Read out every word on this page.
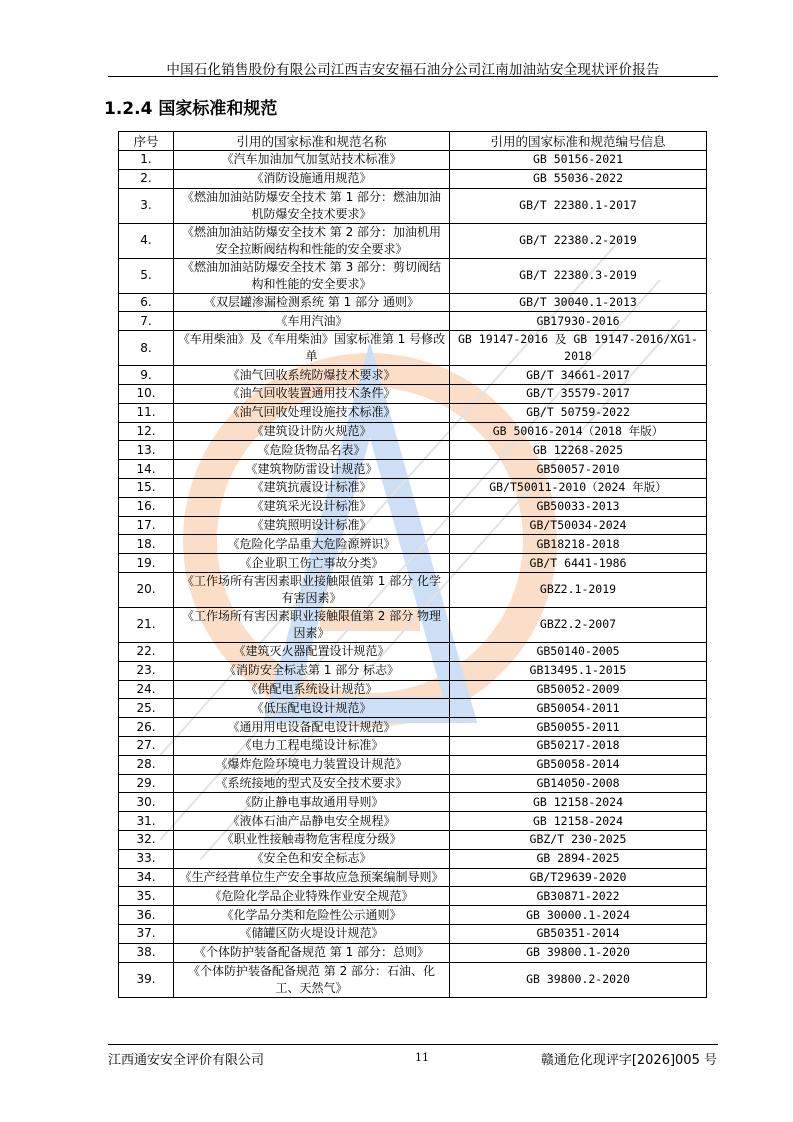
中国石化销售股份有限公司江西吉安安福石油分公司江南加油站安全现状评价报告
1.2.4 国家标准和规范
序号	引用的国家标准和规范名称	引用的国家标准和规范编号信息
1.	《汽车加油加气加氢站技术标准》	GB 50156-2021
2.	《消防设施通用规范》	GB 55036-2022
3.	《燃油加油站防爆安全技术 第 1 部分：燃油加油机防爆安全技术要求》	GB/T 22380.1-2017
4.	《燃油加油站防爆安全技术 第 2 部分：加油机用安全拉断阀结构和性能的安全要求》	GB/T 22380.2-2019
5.	《燃油加油站防爆安全技术 第 3 部分：剪切阀结构和性能的安全要求》	GB/T 22380.3-2019
6.	《双层罐渗漏检测系统 第 1 部分 通则》	GB/T 30040.1-2013
7.	《车用汽油》	GB17930-2016
8.	《车用柴油》及《车用柴油》国家标准第 1 号修改单	GB 19147-2016 及 GB 19147-2016/XG1-2018
9.	《油气回收系统防爆技术要求》	GB/T 34661-2017
10.	《油气回收装置通用技术条件》	GB/T 35579-2017
11.	《油气回收处理设施技术标准》	GB/T 50759-2022
12.	《建筑设计防火规范》	GB 50016-2014（2018 年版）
13.	《危险货物品名表》	GB 12268-2025
14.	《建筑物防雷设计规范》	GB50057-2010
15.	《建筑抗震设计标准》	GB/T50011-2010（2024 年版）
16.	《建筑采光设计标准》	GB50033-2013
17.	《建筑照明设计标准》	GB/T50034-2024
18.	《危险化学品重大危险源辨识》	GB18218-2018
19.	《企业职工伤亡事故分类》	GB/T 6441-1986
20.	《工作场所有害因素职业接触限值第 1 部分 化学有害因素》	GBZ2.1-2019
21.	《工作场所有害因素职业接触限值第 2 部分 物理因素》	GBZ2.2-2007
22.	《建筑灭火器配置设计规范》	GB50140-2005
23.	《消防安全标志第 1 部分 标志》	GB13495.1-2015
24.	《供配电系统设计规范》	GB50052-2009
25.	《低压配电设计规范》	GB50054-2011
26.	《通用用电设备配电设计规范》	GB50055-2011
27.	《电力工程电缆设计标准》	GB50217-2018
28.	《爆炸危险环境电力装置设计规范》	GB50058-2014
29.	《系统接地的型式及安全技术要求》	GB14050-2008
30.	《防止静电事故通用导则》	GB 12158-2024
31.	《液体石油产品静电安全规程》	GB 12158-2024
32.	《职业性接触毒物危害程度分级》	GBZ/T 230-2025
33.	《安全色和安全标志》	GB 2894-2025
34.	《生产经营单位生产安全事故应急预案编制导则》	GB/T29639-2020
35.	《危险化学品企业特殊作业安全规范》	GB30871-2022
36.	《化学品分类和危险性公示通则》	GB 30000.1-2024
37.	《储罐区防火堤设计规范》	GB50351-2014
38.	《个体防护装备配备规范 第 1 部分：总则》	GB 39800.1-2020
39.	《个体防护装备配备规范 第 2 部分：石油、化工、天然气》	GB 39800.2-2020
江西通安安全评价有限公司	11	赣通危化现评字[2026]005 号
